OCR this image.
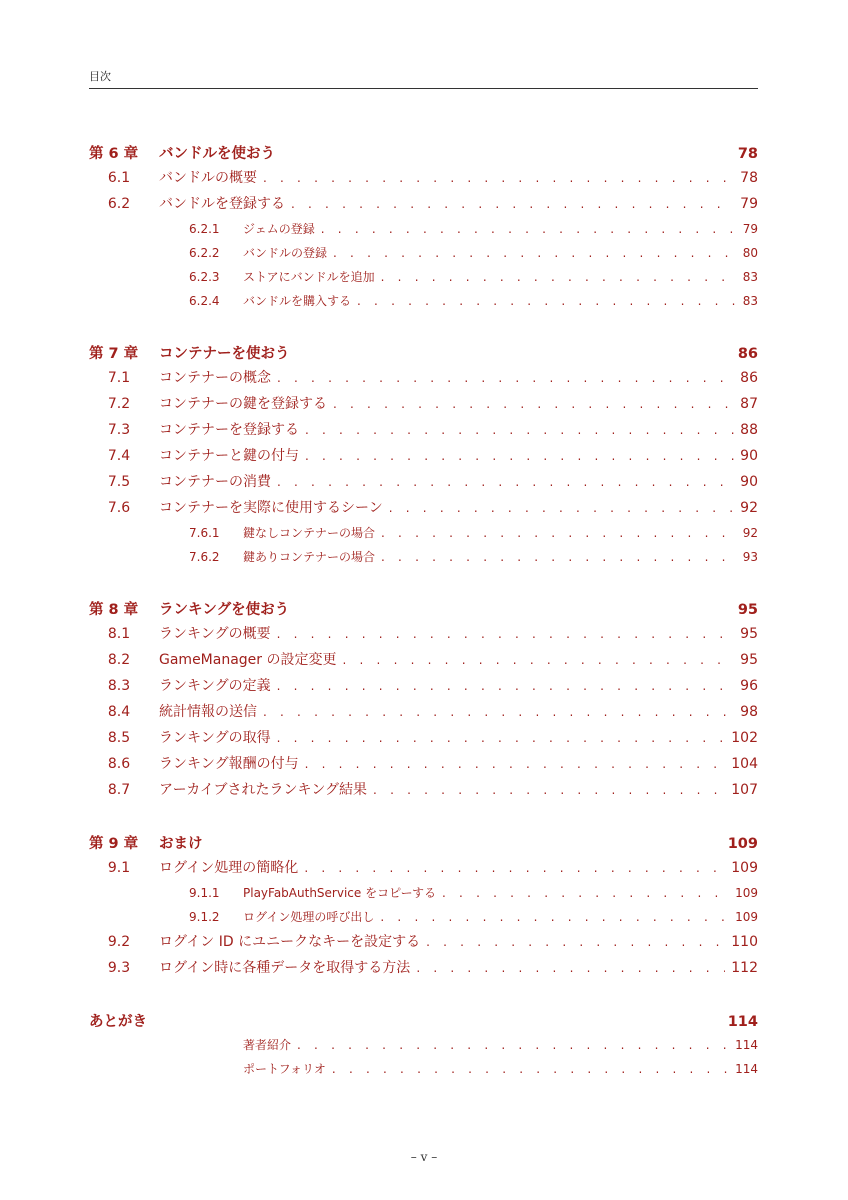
目次
第 6 章	バンドルを使おう	78
6.1	バンドルの概要 . . .	78
6.2	バンドルを登録する . . .	79
6.2.1	ジェムの登録 . . .	79
6.2.2	バンドルの登録 . . .	80
6.2.3	ストアにバンドルを追加 . . .	83
6.2.4	バンドルを購入する . . .	83
第 7 章	コンテナーを使おう	86
7.1	コンテナーの概念 . . .	86
7.2	コンテナーの鍵を登録する . . .	87
7.3	コンテナーを登録する . . .	88
7.4	コンテナーと鍵の付与 . . .	90
7.5	コンテナーの消費 . . .	90
7.6	コンテナーを実際に使用するシーン . . .	92
7.6.1	鍵なしコンテナーの場合 . . .	92
7.6.2	鍵ありコンテナーの場合 . . .	93
第 8 章	ランキングを使おう	95
8.1	ランキングの概要 . . .	95
8.2	GameManager の設定変更 . . .	95
8.3	ランキングの定義 . . .	96
8.4	統計情報の送信 . . .	98
8.5	ランキングの取得 . . .	102
8.6	ランキング報酬の付与 . . .	104
8.7	アーカイブされたランキング結果 . . .	107
第 9 章	おまけ	109
9.1	ログイン処理の簡略化 . . .	109
9.1.1	PlayFabAuthService をコピーする . . .	109
9.1.2	ログイン処理の呼び出し . . .	109
9.2	ログイン ID にユニークなキーを設定する . . .	110
9.3	ログイン時に各種データを取得する方法 . . .	112
あとがき	114
著者紹介 . . .	114
ポートフォリオ . . .	114
– v –
